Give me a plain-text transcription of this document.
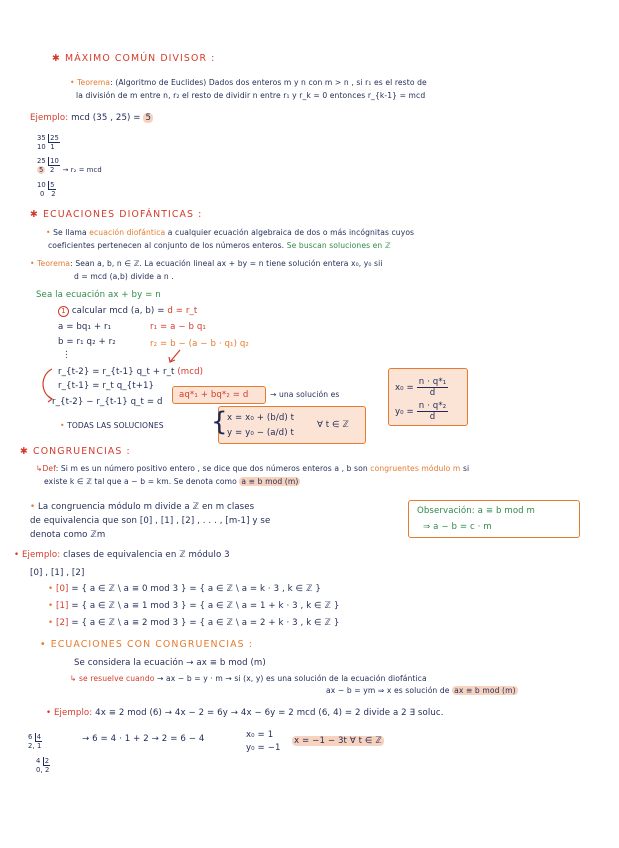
✱ MÁXIMO COMÚN DIVISOR :
• Teorema: (Algoritmo de Euclides) Dados dos enteros m y n con m > n , si r₁ es el resto de
la división de m entre n, r₂ el resto de dividir n entre r₁ y r_k = 0 entonces r_{k-1} = mcd
Ejemplo: mcd (35 , 25) = 5
35 25
10 1
25 10
5 2 → r₂ = mcd
10 5
0 2
✱ ECUACIONES DIOFÁNTICAS :
• Se llama ecuación diofántica a cualquier ecuación algebraica de dos o más incógnitas cuyos
coeficientes pertenecen al conjunto de los números enteros. Se buscan soluciones en ℤ
• Teorema: Sean a, b, n ∈ ℤ. La ecuación lineal ax + by = n tiene solución entera x₀, y₀ sii
d = mcd (a,b) divide a n .
Sea la ecuación ax + by = n
1 calcular mcd (a, b) = d = r_t
a = bq₁ + r₁	r₁ = a − b q₁
b = r₁ q₂ + r₂	r₂ = b − (a − b · q₁) q₂
⋮
r_{t-2} = r_{t-1} q_t + r_t (mcd)
r_{t-1} = r_t q_{t+1}
r_{t-2} − r_{t-1} q_t = d
aq*₁ + bq*₂ = d	→ una solución es
$x_0 = \frac{\text{n · q*₁}}{d}$
$y_0 = \frac{\text{n · q*₂}}{d}$
• TODAS LAS SOLUCIONES { x = x₀ + (b/d) t
y = y₀ − (a/d) t
∀ t ∈ ℤ
✱ CONGRUENCIAS :
↳Def: Si m es un número positivo entero , se dice que dos números enteros a , b son congruentes módulo m si
existe k ∈ ℤ tal que a − b = km. Se denota como a ≡ b mod (m)
• La congruencia módulo m divide a ℤ en m clases
de equivalencia que son [0] , [1] , [2] , . . . , [m-1] y se
denota como ℤm
Observación: a ≡ b mod m
⇒ a − b = c · m
• Ejemplo: clases de equivalencia en ℤ módulo 3
[0] , [1] , [2]
• [0] = { a ∈ ℤ \ a ≡ 0 mod 3 } = { a ∈ ℤ \ a = k · 3 , k ∈ ℤ }
• [1] = { a ∈ ℤ \ a ≡ 1 mod 3 } = { a ∈ ℤ \ a = 1 + k · 3 , k ∈ ℤ }
• [2] = { a ∈ ℤ \ a ≡ 2 mod 3 } = { a ∈ ℤ \ a = 2 + k · 3 , k ∈ ℤ }
• ECUACIONES CON CONGRUENCIAS :
Se considera la ecuación → ax ≡ b mod (m)
↳ se resuelve cuando → ax − b = y · m → si (x, y) es una solución de la ecuación diofántica
ax − b = ym ⇒ x es solución de ax ≡ b mod (m)
• Ejemplo: 4x ≡ 2 mod (6) → 4x − 2 = 6y → 4x − 6y = 2 mcd (6, 4) = 2 divide a 2 ∃ soluc.
6 4
2, 1
→ 6 = 4 · 1 + 2 → 2 = 6 − 4	x₀ = 1
y₀ = −1
x = −1 − 3t ∀ t ∈ ℤ
4 2
0, 2
